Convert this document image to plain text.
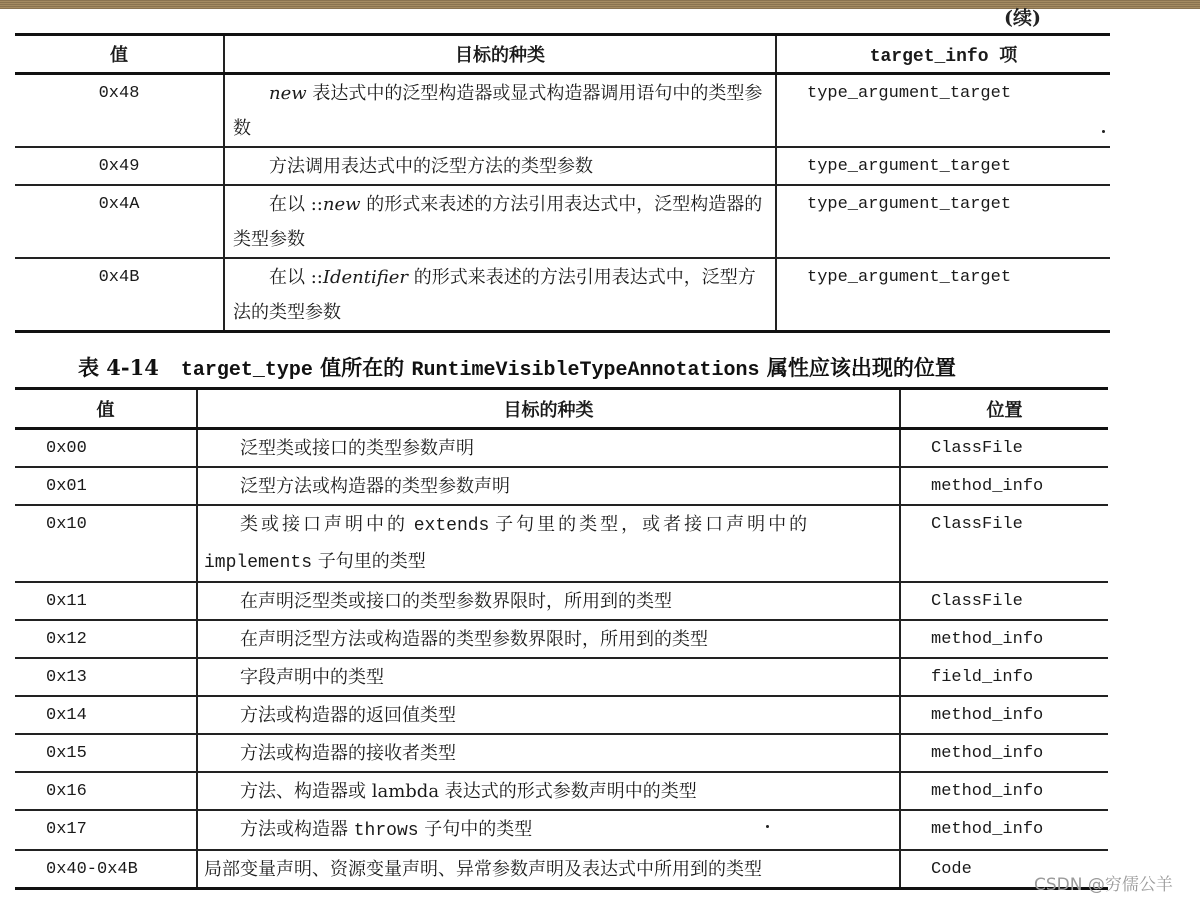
(续)
值	目标的种类	target_info 项
0x48	new 表达式中的泛型构造器或显式构造器调用语句中的类型参数	type_argument_target
0x49	方法调用表达式中的泛型方法的类型参数	type_argument_target
0x4A	在以 ::new 的形式来表述的方法引用表达式中，泛型构造器的类型参数	type_argument_target
0x4B	在以 ::Identifier 的形式来表述的方法引用表达式中，泛型方法的类型参数	type_argument_target
表 4-14 target_type 值所在的 RuntimeVisibleTypeAnnotations 属性应该出现的位置
值	目标的种类	位置
0x00	泛型类或接口的类型参数声明	ClassFile
0x01	泛型方法或构造器的类型参数声明	method_info
0x10	类或接口声明中的 extends 子句里的类型，或者接口声明中的
implements 子句里的类型	ClassFile
0x11	在声明泛型类或接口的类型参数界限时，所用到的类型	ClassFile
0x12	在声明泛型方法或构造器的类型参数界限时，所用到的类型	method_info
0x13	字段声明中的类型	field_info
0x14	方法或构造器的返回值类型	method_info
0x15	方法或构造器的接收者类型	method_info
0x16	方法、构造器或 lambda 表达式的形式参数声明中的类型	method_info
0x17	方法或构造器 throws 子句中的类型	method_info
0x40-0x4B	局部变量声明、资源变量声明、异常参数声明及表达式中所用到的类型	Code
CSDN @穷儒公羊
